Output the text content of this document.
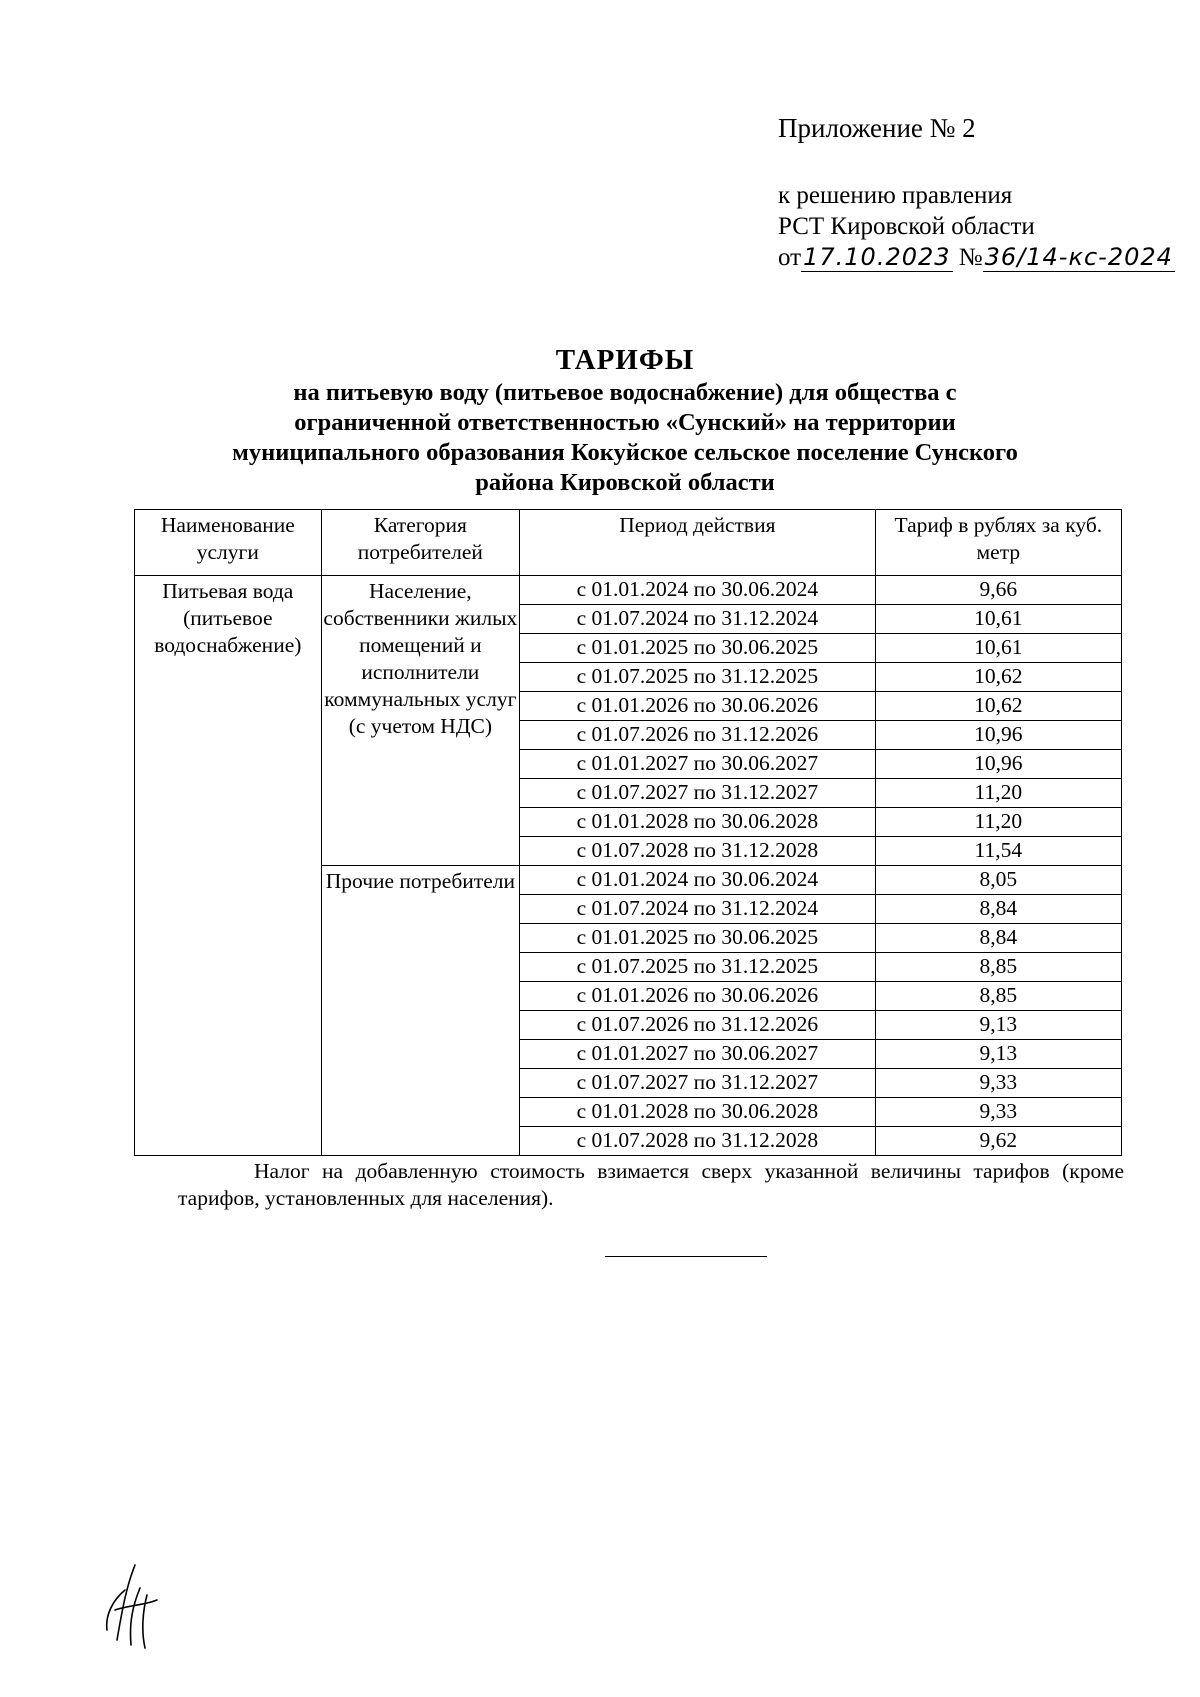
Приложение № 2
к решению правления
РСТ Кировской области
от17.10.2023 №36/14-кс-2024
ТАРИФЫ
на питьевую воду (питьевое водоснабжение) для общества с
ограниченной ответственностью «Сунский» на территории
муниципального образования Кокуйское сельское поселение Сунского
района Кировской области
Наименование услуги	Категория потребителей	Период действия	Тариф в рублях за куб. метр

Питьевая вода (питьевое водоснабжение)	Население, собственники жилых помещений и исполнители коммунальных услуг (с учетом НДС)	с 01.01.2024 по 30.06.2024	9,66
		с 01.07.2024 по 31.12.2024	10,61
		с 01.01.2025 по 30.06.2025	10,61
		с 01.07.2025 по 31.12.2025	10,62
		с 01.01.2026 по 30.06.2026	10,62
		с 01.07.2026 по 31.12.2026	10,96
		с 01.01.2027 по 30.06.2027	10,96
		с 01.07.2027 по 31.12.2027	11,20
		с 01.01.2028 по 30.06.2028	11,20
		с 01.07.2028 по 31.12.2028	11,54

	Прочие потребители	с 01.01.2024 по 30.06.2024	8,05
		с 01.07.2024 по 31.12.2024	8,84
		с 01.01.2025 по 30.06.2025	8,84
		с 01.07.2025 по 31.12.2025	8,85
		с 01.01.2026 по 30.06.2026	8,85
		с 01.07.2026 по 31.12.2026	9,13
		с 01.01.2027 по 30.06.2027	9,13
		с 01.07.2027 по 31.12.2027	9,33
		с 01.01.2028 по 30.06.2028	9,33
		с 01.07.2028 по 31.12.2028	9,62
Налог на добавленную стоимость взимается сверх указанной величины тарифов (кроме тарифов, установленных для населения).
